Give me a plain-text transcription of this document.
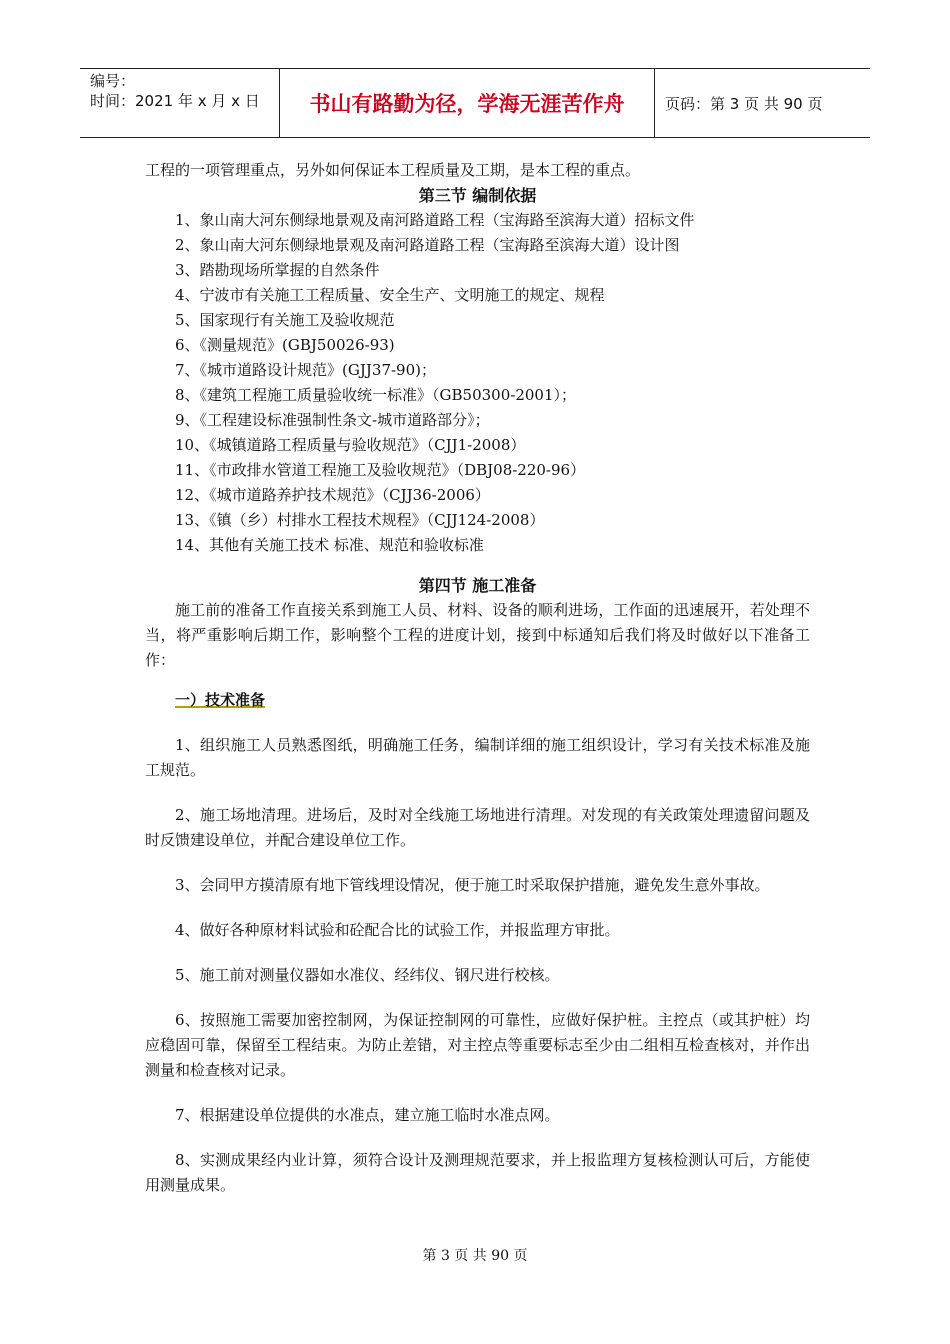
编号：
时间：2021 年 x 月 x 日	书山有路勤为径，学海无涯苦作舟	页码：第 3 页 共 90 页
工程的一项管理重点，另外如何保证本工程质量及工期，是本工程的重点。
第三节 编制依据
1、象山南大河东侧绿地景观及南河路道路工程（宝海路至滨海大道）招标文件
2、象山南大河东侧绿地景观及南河路道路工程（宝海路至滨海大道）设计图
3、踏勘现场所掌握的自然条件
4、宁波市有关施工工程质量、安全生产、文明施工的规定、规程
5、国家现行有关施工及验收规范
6、《测量规范》(GBJ50026-93)
7、《城市道路设计规范》(GJJ37-90)；
8、《建筑工程施工质量验收统一标准》（GB50300-2001）；
9、《工程建设标准强制性条文-城市道路部分》；
10、《城镇道路工程质量与验收规范》（CJJ1-2008）
11、《市政排水管道工程施工及验收规范》（DBJ08-220-96）
12、《城市道路养护技术规范》（CJJ36-2006）
13、《镇（乡）村排水工程技术规程》（CJJ124-2008）
14、其他有关施工技术 标准、规范和验收标准
第四节 施工准备
施工前的准备工作直接关系到施工人员、材料、设备的顺利进场，工作面的迅速展开，若处理不当，将严重影响后期工作，影响整个工程的进度计划，接到中标通知后我们将及时做好以下准备工作：
一）技术准备
1、组织施工人员熟悉图纸，明确施工任务，编制详细的施工组织设计，学习有关技术标准及施工规范。
2、施工场地清理。进场后，及时对全线施工场地进行清理。对发现的有关政策处理遗留问题及时反馈建设单位，并配合建设单位工作。
3、会同甲方摸清原有地下管线埋设情况，便于施工时采取保护措施，避免发生意外事故。
4、做好各种原材料试验和砼配合比的试验工作，并报监理方审批。
5、施工前对测量仪器如水准仪、经纬仪、钢尺进行校核。
6、按照施工需要加密控制网，为保证控制网的可靠性，应做好保护桩。主控点（或其护桩）均应稳固可靠，保留至工程结束。为防止差错，对主控点等重要标志至少由二组相互检查核对，并作出测量和检查核对记录。
7、根据建设单位提供的水准点，建立施工临时水准点网。
8、实测成果经内业计算，须符合设计及测理规范要求，并上报监理方复核检测认可后，方能使用测量成果。
第 3 页 共 90 页
